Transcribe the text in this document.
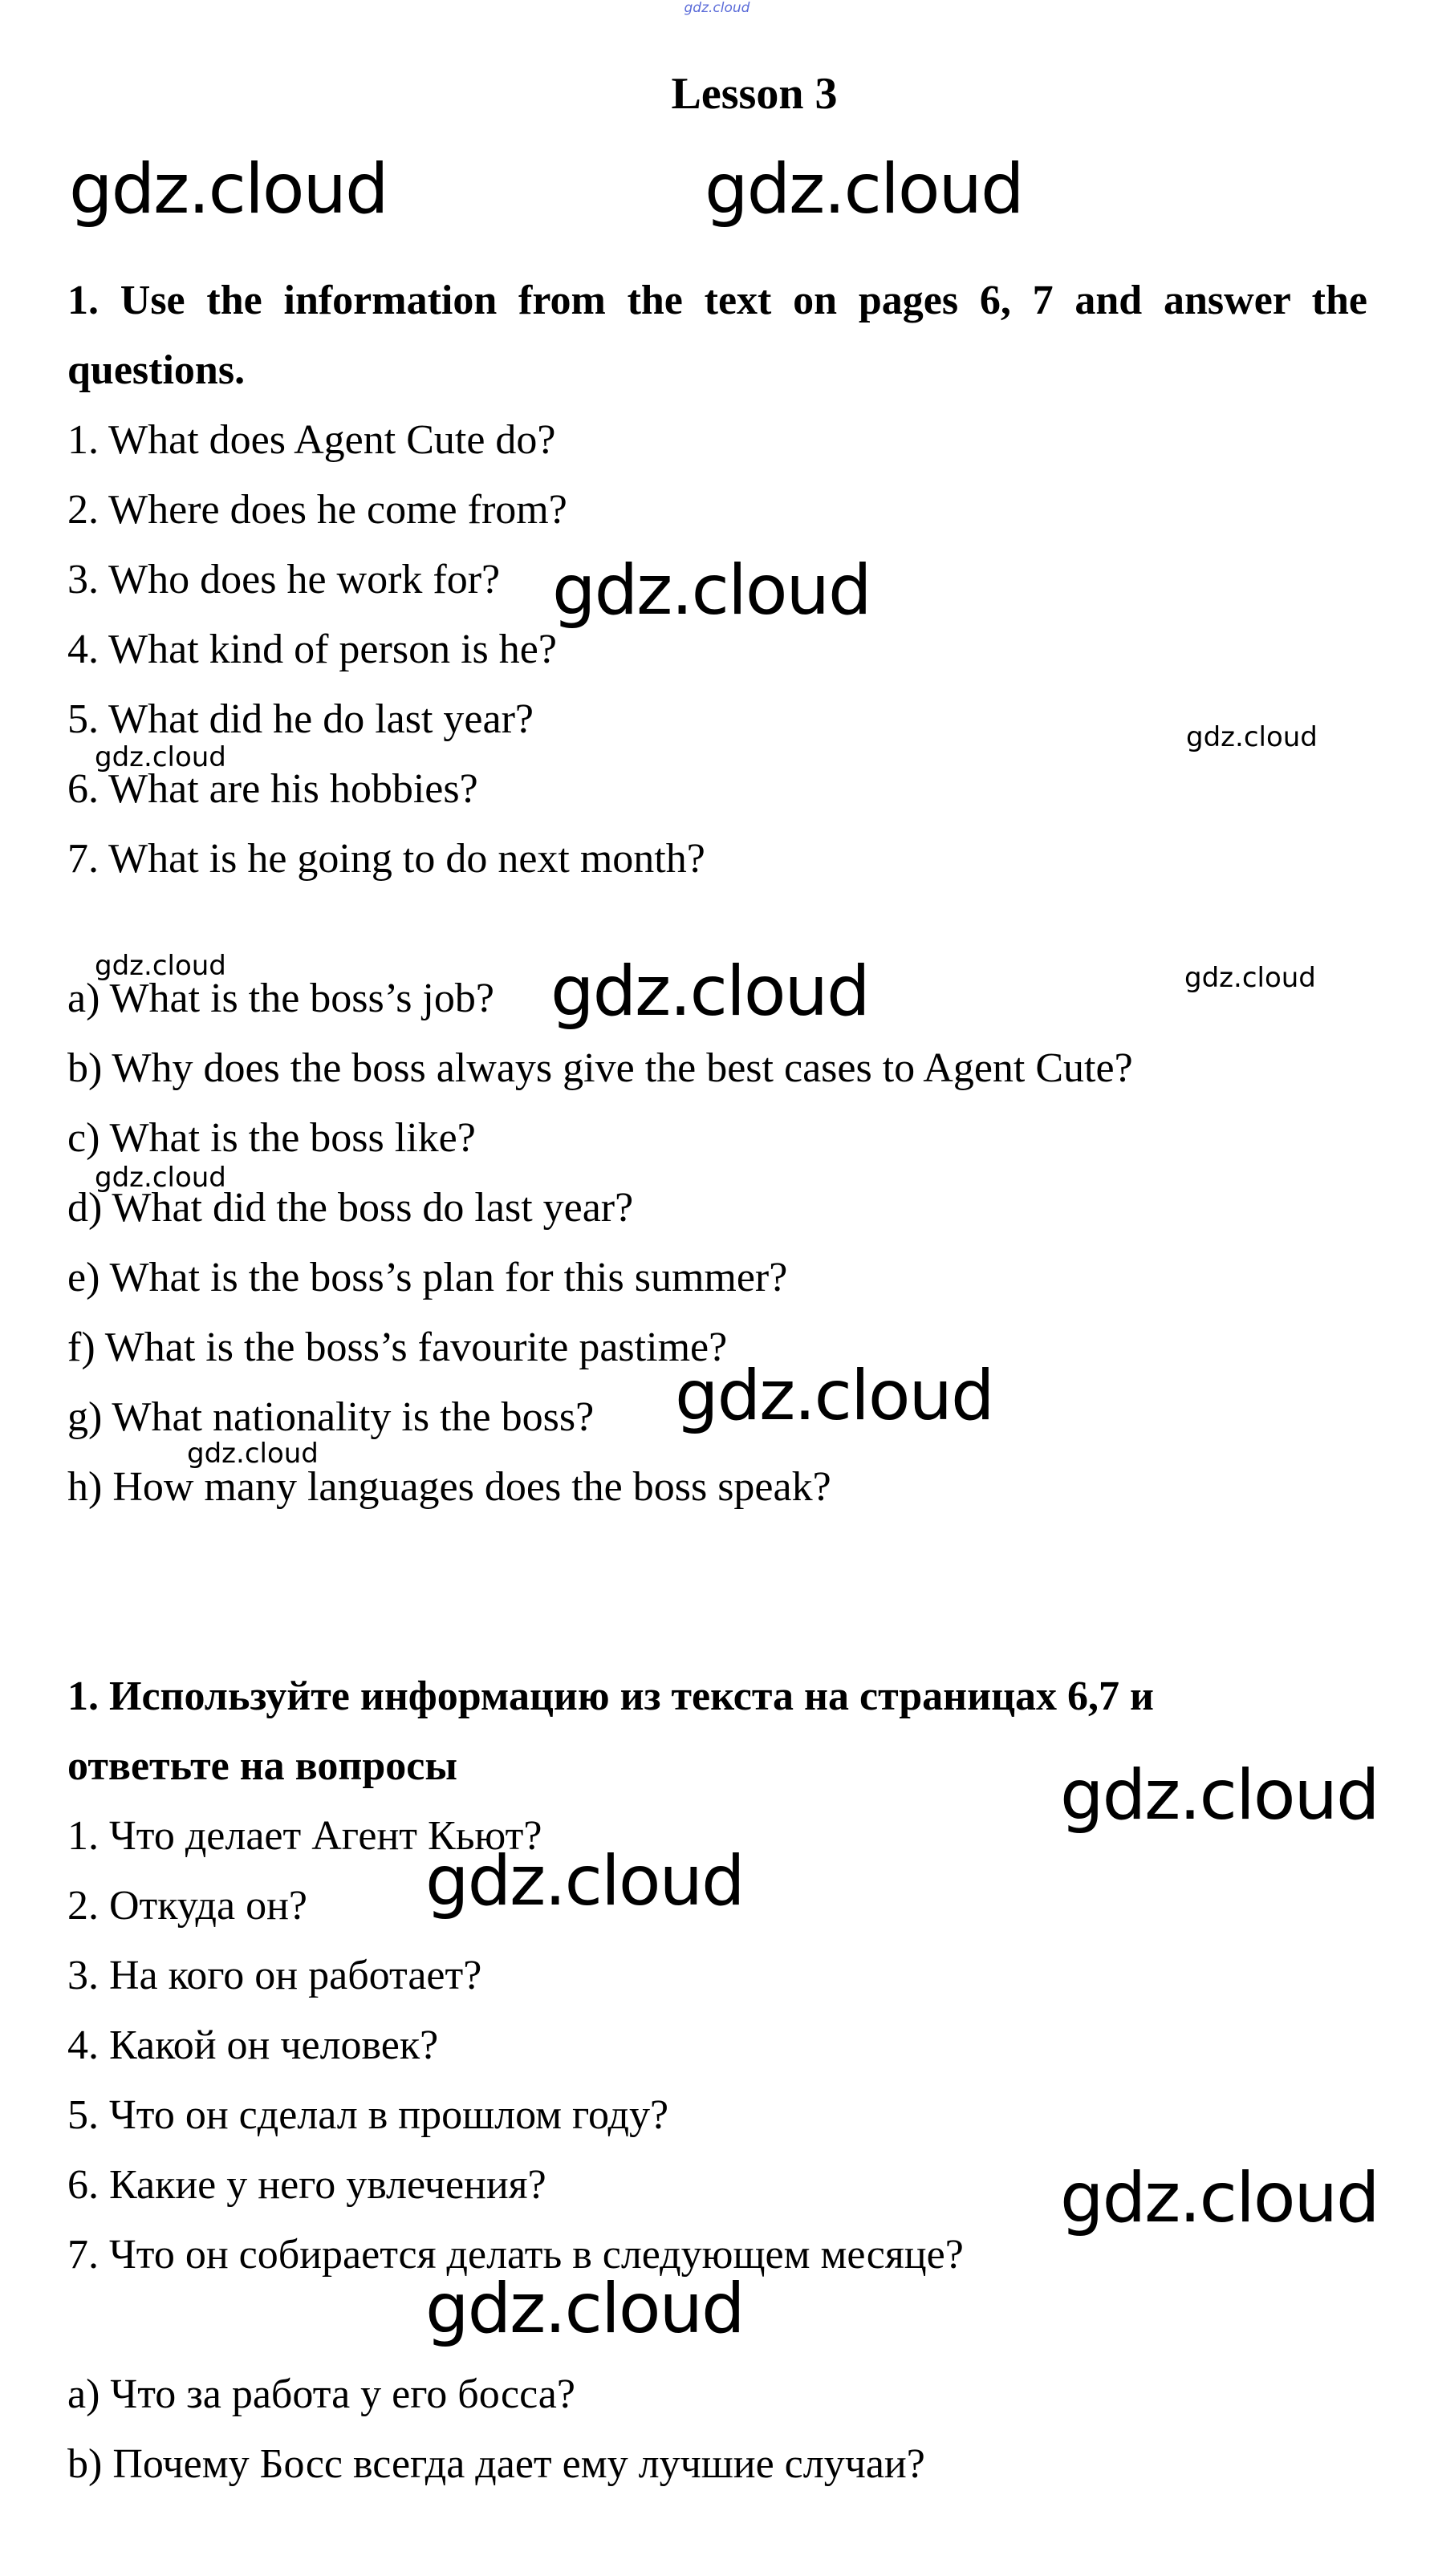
gdz.cloud
Lesson 3
1. Use the information from the text on pages 6, 7 and answer the
questions.
1. What does Agent Cute do?
2. Where does he come from?
3. Who does he work for?
4. What kind of person is he?
5. What did he do last year?
6. What are his hobbies?
7. What is he going to do next month?
a) What is the boss’s job?
b) Why does the boss always give the best cases to Agent Cute?
c) What is the boss like?
d) What did the boss do last year?
e) What is the boss’s plan for this summer?
f) What is the boss’s favourite pastime?
g) What nationality is the boss?
h) How many languages does the boss speak?
1. Используйте информацию из текста на страницах 6,7 и
ответьте на вопросы
1. Что делает Агент Кьют?
2. Откуда он?
3. На кого он работает?
4. Какой он человек?
5. Что он сделал в прошлом году?
6. Какие у него увлечения?
7. Что он собирается делать в следующем месяце?
a) Что за работа у его босса?
b) Почему Босс всегда дает ему лучшие случаи?
gdz.cloud	gdz.cloud
gdz.cloud
gdz.cloud
gdz.cloud
gdz.cloud	gdz.cloud	gdz.cloud
gdz.cloud
gdz.cloud
gdz.cloud
gdz.cloud
gdz.cloud
gdz.cloud
gdz.cloud
